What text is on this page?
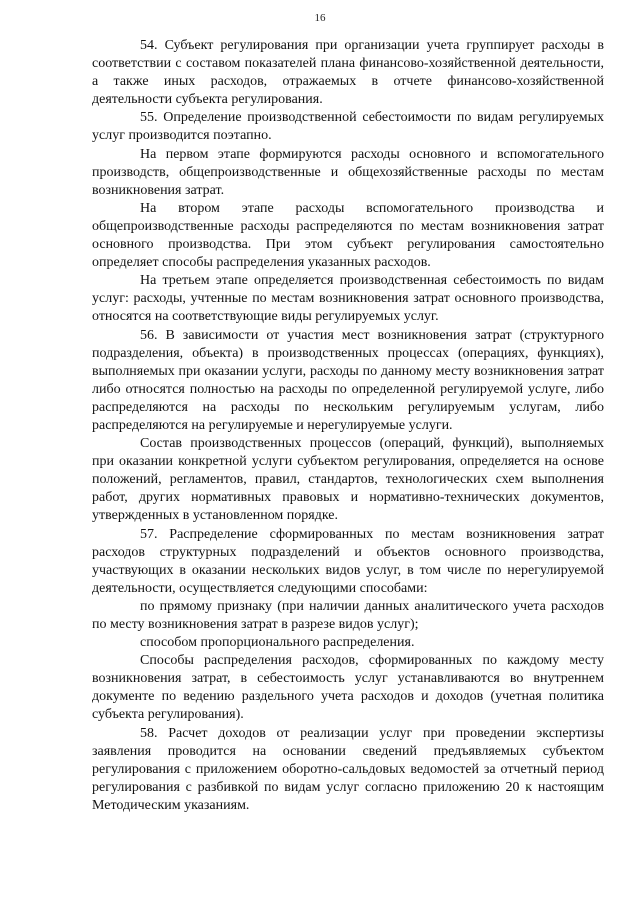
16

54. Субъект регулирования при организации учета группирует расходы в соответствии с составом показателей плана финансово-хозяйственной деятельности, а также иных расходов, отражаемых в отчете финансово-хозяйственной деятельности субъекта регулирования.

55. Определение производственной себестоимости по видам регулируемых услуг производится поэтапно.

На первом этапе формируются расходы основного и вспомогательного производств, общепроизводственные и общехозяйственные расходы по местам возникновения затрат.

На втором этапе расходы вспомогательного производства и общепроизводственные расходы распределяются по местам возникновения затрат основного производства. При этом субъект регулирования самостоятельно определяет способы распределения указанных расходов.

На третьем этапе определяется производственная себестоимость по видам услуг: расходы, учтенные по местам возникновения затрат основного производства, относятся на соответствующие виды регулируемых услуг.

56. В зависимости от участия мест возникновения затрат (структурного подразделения, объекта) в производственных процессах (операциях, функциях), выполняемых при оказании услуги, расходы по данному месту возникновения затрат либо относятся полностью на расходы по определенной регулируемой услуге, либо распределяются на расходы по нескольким регулируемым услугам, либо распределяются на регулируемые и нерегулируемые услуги.

Состав производственных процессов (операций, функций), выполняемых при оказании конкретной услуги субъектом регулирования, определяется на основе положений, регламентов, правил, стандартов, технологических схем выполнения работ, других нормативных правовых и нормативно-технических документов, утвержденных в установленном порядке.

57. Распределение сформированных по местам возникновения затрат расходов структурных подразделений и объектов основного производства, участвующих в оказании нескольких видов услуг, в том числе по нерегулируемой деятельности, осуществляется следующими способами:

по прямому признаку (при наличии данных аналитического учета расходов по месту возникновения затрат в разрезе видов услуг);

способом пропорционального распределения.

Способы распределения расходов, сформированных по каждому месту возникновения затрат, в себестоимость услуг устанавливаются во внутреннем документе по ведению раздельного учета расходов и доходов (учетная политика субъекта регулирования).

58. Расчет доходов от реализации услуг при проведении экспертизы заявления проводится на основании сведений предъявляемых субъектом регулирования с приложением оборотно-сальдовых ведомостей за отчетный период регулирования с разбивкой по видам услуг согласно приложению 20 к настоящим Методическим указаниям.
